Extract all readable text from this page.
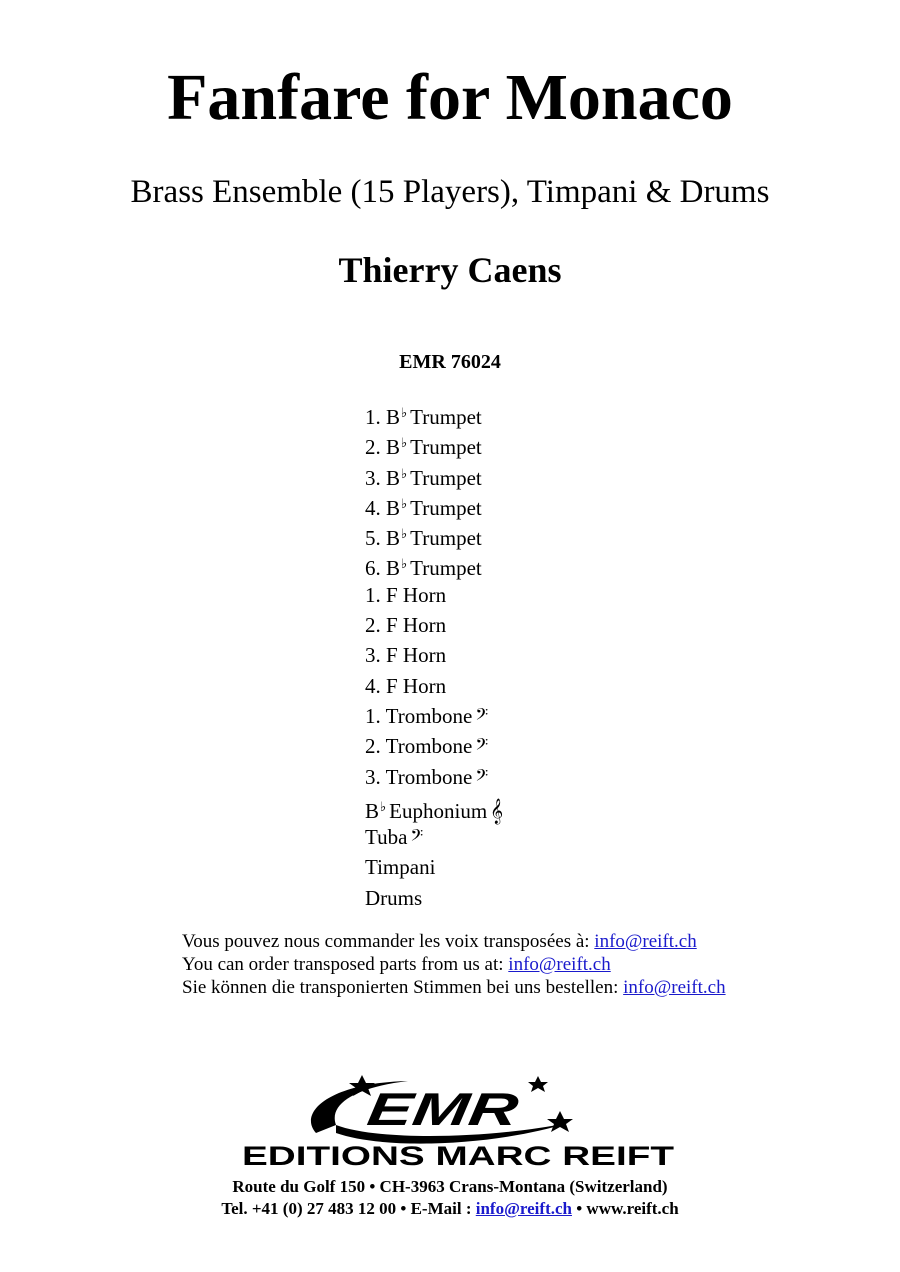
Fanfare for Monaco
Brass Ensemble (15 Players), Timpani & Drums
Thierry Caens
EMR 76024
1. B♭ Trumpet
2. B♭ Trumpet
3. B♭ Trumpet
4. B♭ Trumpet
5. B♭ Trumpet
6. B♭ Trumpet
1. F Horn
2. F Horn
3. F Horn
4. F Horn
1. Trombone 𝄢
2. Trombone 𝄢
3. Trombone 𝄢
B♭ Euphonium 𝄞
Tuba 𝄢
Timpani
Drums
Vous pouvez nous commander les voix transposées à: info@reift.ch
You can order transposed parts from us at: info@reift.ch
Sie können die transponierten Stimmen bei uns bestellen: info@reift.ch
EMR
EDITIONS MARC REIFT
Route du Golf 150 • CH-3963 Crans-Montana (Switzerland)
Tel. +41 (0) 27 483 12 00 • E-Mail : info@reift.ch • www.reift.ch
